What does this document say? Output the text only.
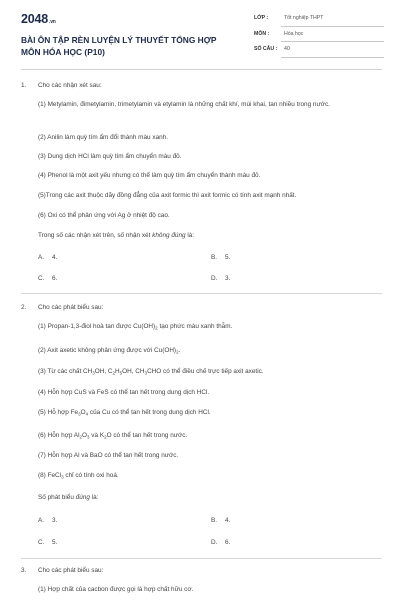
2048.vn
BÀI ÔN TẬP RÈN LUYỆN LÝ THUYẾT TỔNG HỢP MÔN HÓA HỌC (P10)
LỚP :	Tốt nghiệp THPT
MÔN :	Hóa học
SỐ CÂU : 40
1. Cho các nhận xét sau:
(1) Metylamin, đimetylamin, trimetylamin và etylamin là những chất khí, mùi khai, tan nhiều trong nước.
(2) Anilin làm quỳ tím ẩm đổi thành màu xanh.
(3) Dung dịch HCl làm quỳ tím ẩm chuyển màu đỏ.
(4) Phenol là một axit yếu nhưng có thể làm quỳ tím ẩm chuyển thành màu đỏ.
(5)Trong các axit thuộc dãy đồng đẳng của axit formic thì axit formic có tính axit mạnh nhất.
(6) Oxi có thể phản ứng với Ag ở nhiệt độ cao.
Trong số các nhận xét trên, số nhận xét không đúng là:
A. 4.	B. 5.
C. 6.	D. 3.
2. Cho các phát biểu sau:
(1) Propan-1,3-điol hoà tan được $Cu(OH)_2$ tạo phức màu xanh thẫm.
(2) Axit axetic không phản ứng được với $Cu(OH)_2$.
(3) Từ các chất $CH_3OH$, $C_2H_5OH$, $CH_3CHO$ có thể điều chế trực tiếp axit axetic.
(4) Hỗn hợp CuS và FeS có thể tan hết trong dung dịch HCl.
(5) Hỗ hợp $Fe_3O_4$ của Cu có thể tan hết trong dung dịch HCl.
(6) Hỗn hợp $Al_2O_3$ và $K_2O$ có thể tan hết trong nước.
(7) Hỗn hợp Al và BaO có thể tan hết trong nước.
(8) FeCl$_3$ chỉ có tính oxi hoá.
Số phát biểu đúng là:
A. 3.	B. 4.
C. 5.	D. 6.
3. Cho các phát biểu sau:
(1) Hợp chất của cacbon được gọi là hợp chất hữu cơ.
